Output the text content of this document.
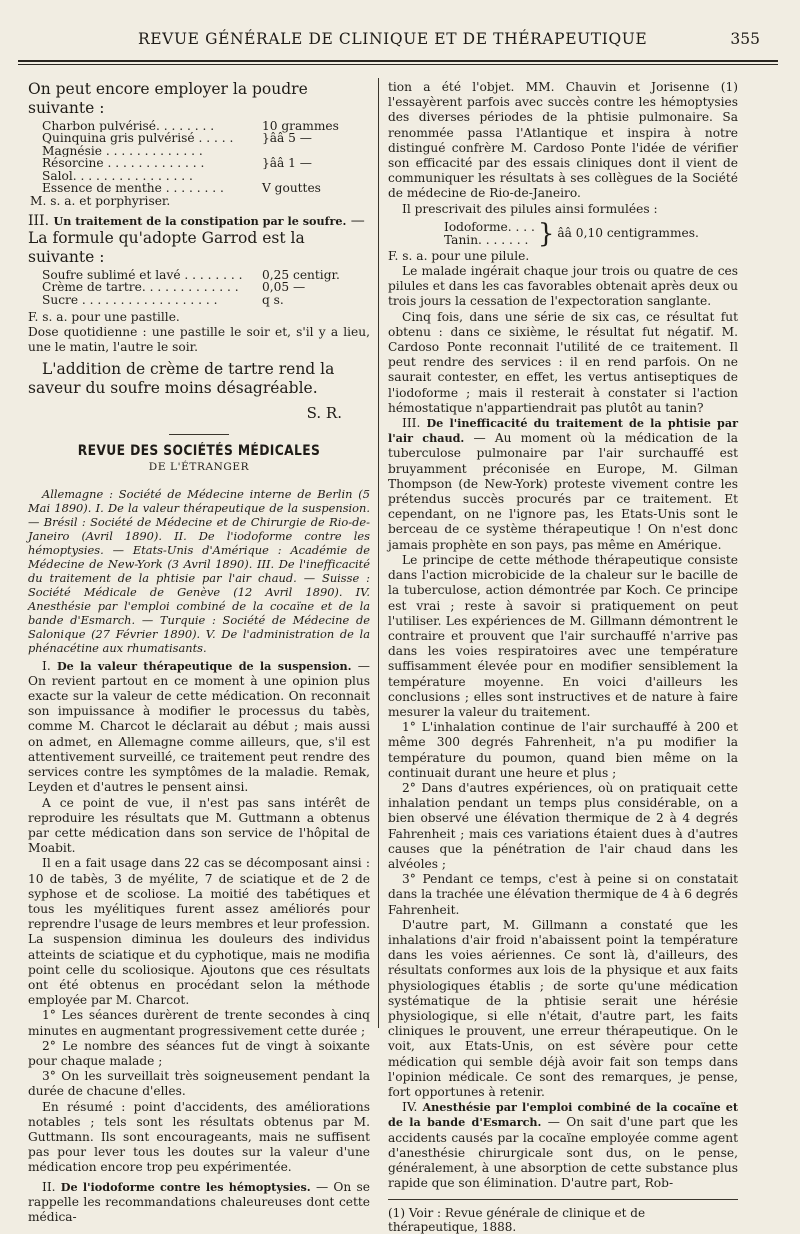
REVUE GÉNÉRALE DE CLINIQUE ET DE THÉRAPEUTIQUE	355

On peut encore employer la poudre suivante :

Charbon pulvérisé. . . . . . . .	10 grammes
Quinquina gris pulvérisé . . . . .	}ââ 5 —
Magnésie . . . . . . . . . . . . .
Résorcine . . . . . . . . . . . . .	}ââ 1 —
Salol. . . . . . . . . . . . . . . .
Essence de menthe . . . . . . . .	V gouttes

M. s. a. et porphyriser.

III. Un traitement de la constipation par le soufre. —

La formule qu'adopte Garrod est la suivante :

Soufre sublimé et lavé . . . . . . . .	0,25 centigr.
Crème de tartre. . . . . . . . . . . . .	0,05 —
Sucre . . . . . . . . . . . . . . . . . .	q s.

F. s. a. pour une pastille.

Dose quotidienne : une pastille le soir et, s'il y a lieu, une le matin, l'autre le soir.

L'addition de crème de tartre rend la saveur du soufre moins désagréable.

S. R.

REVUE DES SOCIÉTÉS MÉDICALES

DE L'ÉTRANGER

Allemagne : Société de Médecine interne de Berlin (5 Mai 1890). I. De la valeur thérapeutique de la suspension. — Brésil : Société de Médecine et de Chirurgie de Rio-de-Janeiro (Avril 1890). II. De l'iodoforme contre les hémoptysies. — Etats-Unis d'Amérique : Académie de Médecine de New-York (3 Avril 1890). III. De l'inefficacité du traitement de la phtisie par l'air chaud. — Suisse : Société Médicale de Genève (12 Avril 1890). IV. Anesthésie par l'emploi combiné de la cocaïne et de la bande d'Esmarch. — Turquie : Société de Médecine de Salonique (27 Février 1890). V. De l'administration de la phénacétine aux rhumatisants.

I. De la valeur thérapeutique de la suspension. — On revient partout en ce moment à une opinion plus exacte sur la valeur de cette médication. On reconnait son impuissance à modifier le processus du tabès, comme M. Charcot le déclarait au début ; mais aussi on admet, en Allemagne comme ailleurs, que, s'il est attentivement surveillé, ce traitement peut rendre des services contre les symptômes de la maladie. Remak, Leyden et d'autres le pensent ainsi.

A ce point de vue, il n'est pas sans intérêt de reproduire les résultats que M. Guttmann a obtenus par cette médication dans son service de l'hôpital de Moabit.

Il en a fait usage dans 22 cas se décomposant ainsi : 10 de tabès, 3 de myélite, 7 de sciatique et de 2 de syphose et de scoliose. La moitié des tabétiques et tous les myélitiques furent assez améliorés pour reprendre l'usage de leurs membres et leur profession. La suspension diminua les douleurs des individus atteints de sciatique et du cyphotique, mais ne modifia point celle du scoliosique. Ajoutons que ces résultats ont été obtenus en procédant selon la méthode employée par M. Charcot.

1° Les séances durèrent de trente secondes à cinq minutes en augmentant progressivement cette durée ;

2° Le nombre des séances fut de vingt à soixante pour chaque malade ;

3° On les surveillait très soigneusement pendant la durée de chacune d'elles.

En résumé : point d'accidents, des améliorations notables ; tels sont les résultats obtenus par M. Guttmann. Ils sont encourageants, mais ne suffisent pas pour lever tous les doutes sur la valeur d'une médication encore trop peu expérimentée.

II. De l'iodoforme contre les hémoptysies. — On se rappelle les recommandations chaleureuses dont cette médica-

tion a été l'objet. MM. Chauvin et Jorisenne (1) l'essayèrent parfois avec succès contre les hémoptysies des diverses périodes de la phtisie pulmonaire. Sa renommée passa l'Atlantique et inspira à notre distingué confrère M. Cardoso Ponte l'idée de vérifier son efficacité par des essais cliniques dont il vient de communiquer les résultats à ses collègues de la Société de médecine de Rio-de-Janeiro.

Il prescrivait des pilules ainsi formulées :

Iodoforme. . . .
Tanin. . . . . . . } ââ 0,10 centigrammes.

F. s. a. pour une pilule.

Le malade ingérait chaque jour trois ou quatre de ces pilules et dans les cas favorables obtenait après deux ou trois jours la cessation de l'expectoration sanglante.

Cinq fois, dans une série de six cas, ce résultat fut obtenu : dans ce sixième, le résultat fut négatif. M. Cardoso Ponte reconnait l'utilité de ce traitement. Il peut rendre des services : il en rend parfois. On ne saurait contester, en effet, les vertus antiseptiques de l'iodoforme ; mais il resterait à constater si l'action hémostatique n'appartiendrait pas plutôt au tanin?

III. De l'inefficacité du traitement de la phtisie par l'air chaud. — Au moment où la médication de la tuberculose pulmonaire par l'air surchauffé est bruyamment préconisée en Europe, M. Gilman Thompson (de New-York) proteste vivement contre les prétendus succès procurés par ce traitement. Et cependant, on ne l'ignore pas, les Etats-Unis sont le berceau de ce système thérapeutique ! On n'est donc jamais prophète en son pays, pas même en Amérique.

Le principe de cette méthode thérapeutique consiste dans l'action microbicide de la chaleur sur le bacille de la tuberculose, action démontrée par Koch. Ce principe est vrai ; reste à savoir si pratiquement on peut l'utiliser. Les expériences de M. Gillmann démontrent le contraire et prouvent que l'air surchauffé n'arrive pas dans les voies respiratoires avec une température suffisamment élevée pour en modifier sensiblement la température moyenne. En voici d'ailleurs les conclusions ; elles sont instructives et de nature à faire mesurer la valeur du traitement.

1° L'inhalation continue de l'air surchauffé à 200 et même 300 degrés Fahrenheit, n'a pu modifier la température du poumon, quand bien même on la continuait durant une heure et plus ;

2° Dans d'autres expériences, où on pratiquait cette inhalation pendant un temps plus considérable, on a bien observé une élévation thermique de 2 à 4 degrés Fahrenheit ; mais ces variations étaient dues à d'autres causes que la pénétration de l'air chaud dans les alvéoles ;

3° Pendant ce temps, c'est à peine si on constatait dans la trachée une élévation thermique de 4 à 6 degrés Fahrenheit.

D'autre part, M. Gillmann a constaté que les inhalations d'air froid n'abaissent point la température dans les voies aériennes. Ce sont là, d'ailleurs, des résultats conformes aux lois de la physique et aux faits physiologiques établis ; de sorte qu'une médication systématique de la phtisie serait une hérésie physiologique, si elle n'était, d'autre part, les faits cliniques le prouvent, une erreur thérapeutique. On le voit, aux Etats-Unis, on est sévère pour cette médication qui semble déjà avoir fait son temps dans l'opinion médicale. Ce sont des remarques, je pense, fort opportunes à retenir.

IV. Anesthésie par l'emploi combiné de la cocaïne et de la bande d'Esmarch. — On sait d'une part que les accidents causés par la cocaïne employée comme agent d'anesthésie chirurgicale sont dus, on le pense, généralement, à une absorption de cette substance plus rapide que son élimination. D'autre part, Rob-

(1) Voir : Revue générale de clinique et de thérapeutique, 1888.
